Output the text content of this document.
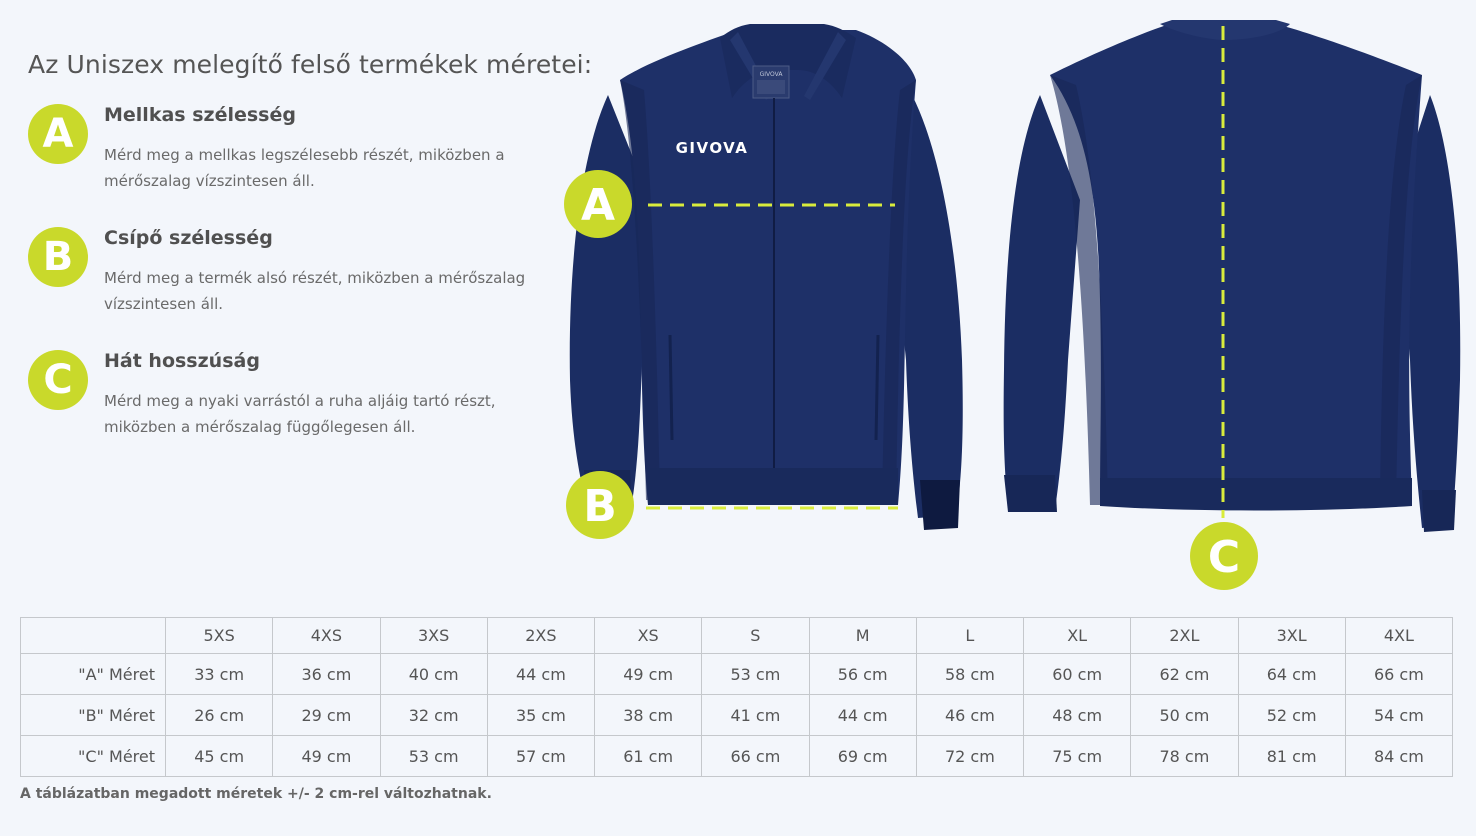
Az Uniszex melegítő felső termékek méretei:
A	Mellkas szélesség
Mérd meg a mellkas legszélesebb részét, miközben a
mérőszalag vízszintesen áll.
B	Csípő szélesség
Mérd meg a termék alsó részét, miközben a mérőszalag
vízszintesen áll.
C	Hát hosszúság
Mérd meg a nyaki varrástól a ruha aljáig tartó részt,
miközben a mérőszalag függőlegesen áll.
GIVOVA
GIVOVA
A
B
C
	5XS	4XS	3XS	2XS	XS	S	M	L	XL	2XL	3XL	4XL
"A" Méret	33 cm	36 cm	40 cm	44 cm	49 cm	53 cm	56 cm	58 cm	60 cm	62 cm	64 cm	66 cm
"B" Méret	26 cm	29 cm	32 cm	35 cm	38 cm	41 cm	44 cm	46 cm	48 cm	50 cm	52 cm	54 cm
"C" Méret	45 cm	49 cm	53 cm	57 cm	61 cm	66 cm	69 cm	72 cm	75 cm	78 cm	81 cm	84 cm
A táblázatban megadott méretek +/- 2 cm-rel változhatnak.
